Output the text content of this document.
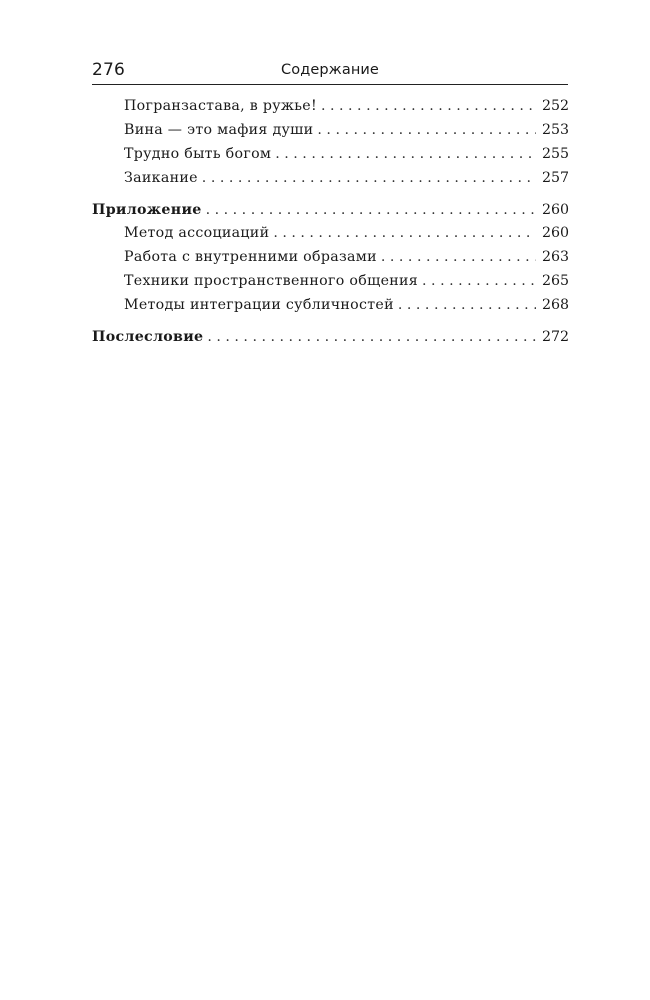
276	Содержание
Погранзастава, в ружье! . . .	252
Вина — это мафия души . . .	253
Трудно быть богом . . .	255
Заикание . . .	257
Приложение . . .	260
Метод ассоциаций . . .	260
Работа с внутренними образами . . .	263
Техники пространственного общения . . .	265
Методы интеграции субличностей . . .	268
Послесловие . . .	272
